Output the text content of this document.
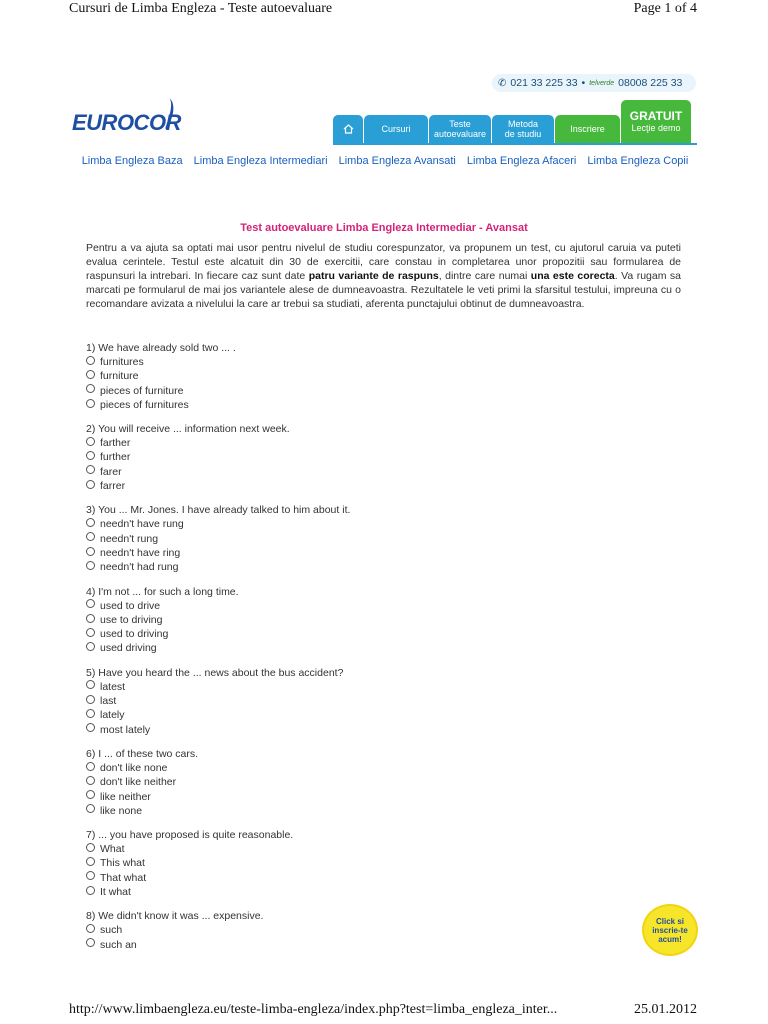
Cursuri de Limba Engleza - Teste autoevaluare	Page 1 of 4
✆ 021 33 225 33 • telverde 08008 225 33
EUROCOR	Cursuri	Teste
autoevaluare
Metoda
de studiu	Inscriere
GRATUIT
Lecţie demo
Limba Engleza Baza Limba Engleza Intermediari Limba Engleza Avansati Limba Engleza Afaceri Limba Engleza Copii
Test autoevaluare Limba Engleza Intermediar - Avansat
Pentru a va ajuta sa optati mai usor pentru nivelul de studiu corespunzator, va propunem un test, cu ajutorul caruia va puteti evalua cerintele. Testul este alcatuit din 30 de exercitii, care constau in completarea unor propozitii sau formularea de raspunsuri la intrebari. In fiecare caz sunt date patru variante de raspuns, dintre care numai una este corecta. Va rugam sa marcati pe formularul de mai jos variantele alese de dumneavoastra. Rezultatele le veti primi la sfarsitul testului, impreuna cu o recomandare avizata a nivelului la care ar trebui sa studiati, aferenta punctajului obtinut de dumneavoastra.
1) We have already sold two ... .
furnitures
furniture
pieces of furniture
pieces of furnitures
2) You will receive ... information next week.
farther
further
farer
farrer
3) You ... Mr. Jones. I have already talked to him about it.
needn't have rung
needn't rung
needn't have ring
needn't had rung
4) I'm not ... for such a long time.
used to drive
use to driving
used to driving
used driving
5) Have you heard the ... news about the bus accident?
latest
last
lately
most lately
6) I ... of these two cars.
don't like none
don't like neither
like neither
like none
7) ... you have proposed is quite reasonable.
What
This what
That what
It what
8) We didn't know it was ... expensive.
such
such an
Click si
inscrie-te
acum!
http://www.limbaengleza.eu/teste-limba-engleza/index.php?test=limba_engleza_inter...	25.01.2012
